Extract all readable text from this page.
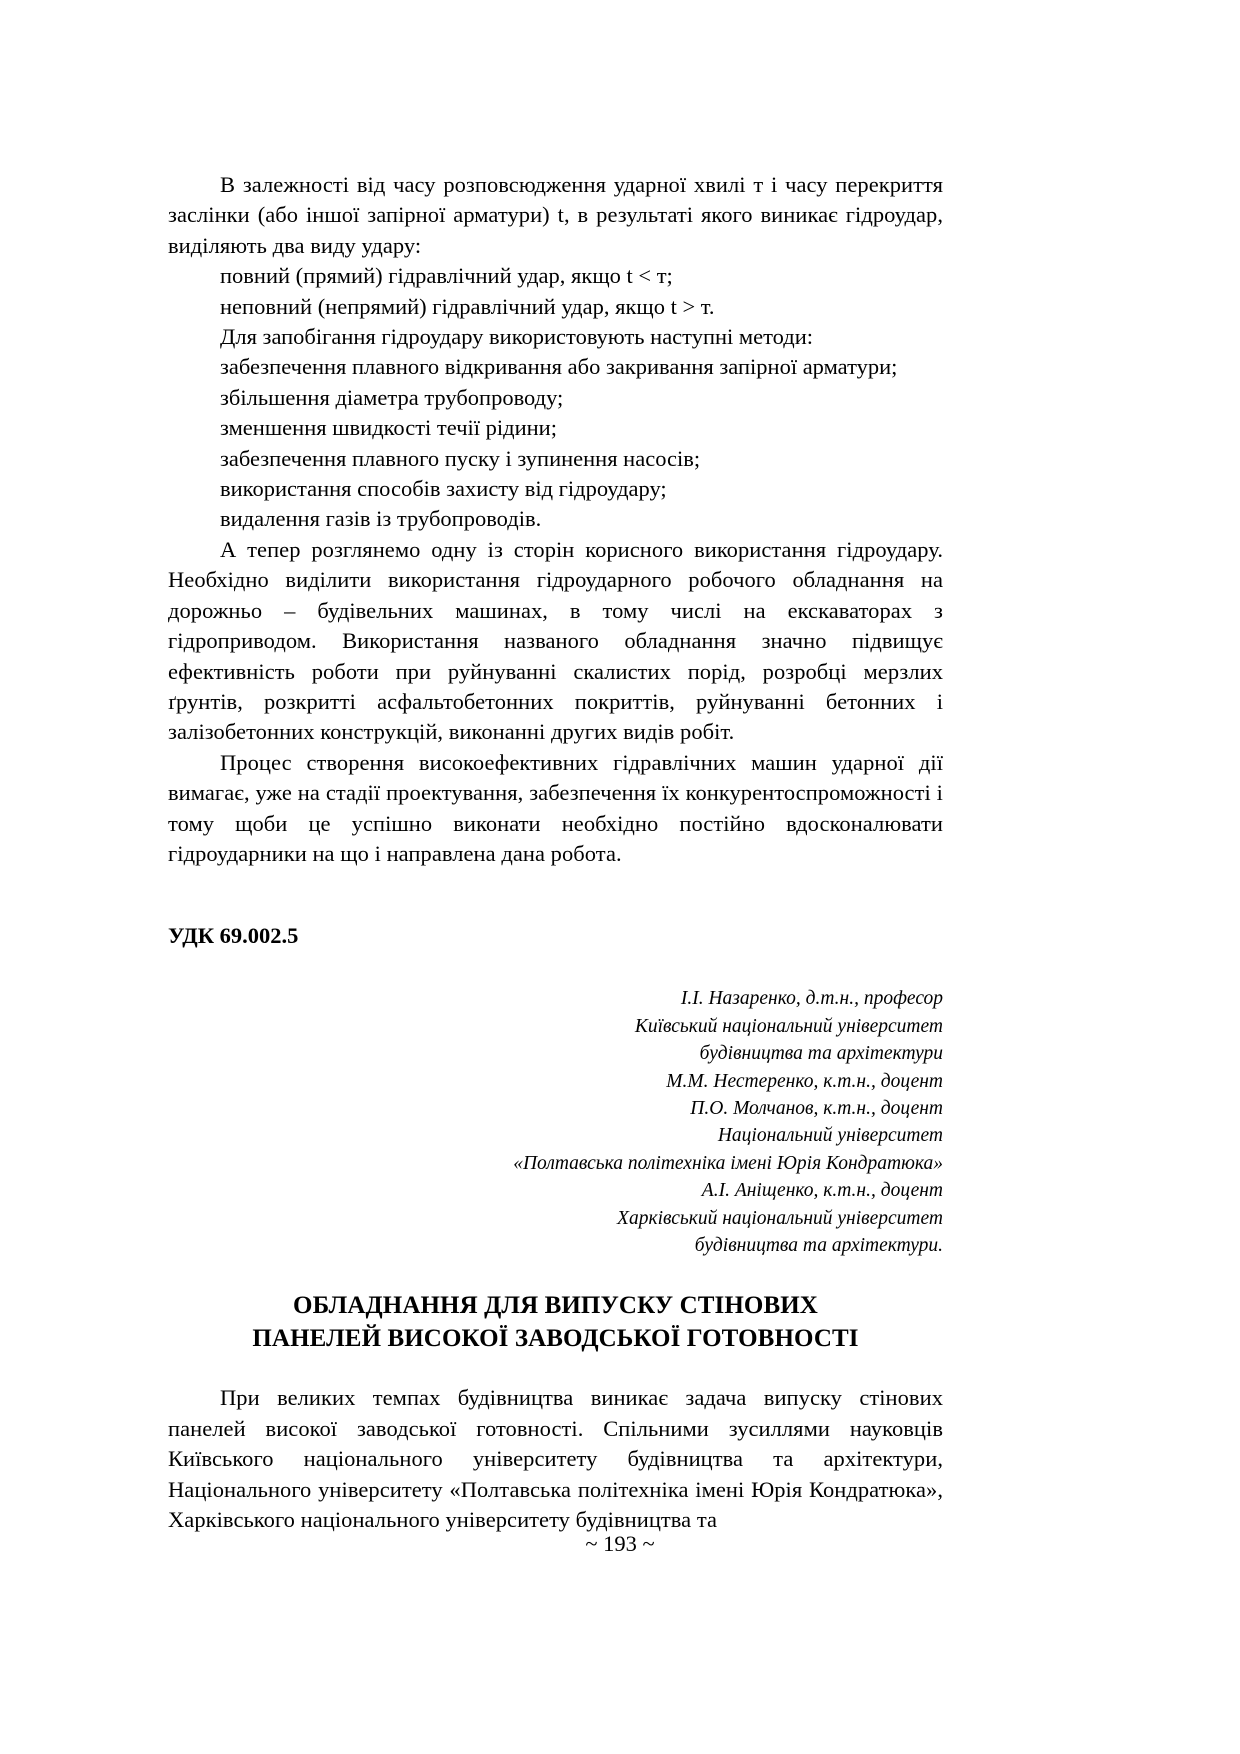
В залежності від часу розповсюдження ударної хвилі т і часу перекриття заслінки (або іншої запірної арматури) t, в результаті якого виникає гідроудар, виділяють два виду удару:

повний (прямий) гідравлічний удар, якщо t < т;
неповний (непрямий) гідравлічний удар, якщо t > т.
Для запобігання гідроудару використовують наступні методи:
забезпечення плавного відкривання або закривання запірної арматури;
збільшення діаметра трубопроводу;
зменшення швидкості течії рідини;
забезпечення плавного пуску і зупинення насосів;
використання способів захисту від гідроудару;
видалення газів із трубопроводів.

А тепер розглянемо одну із сторін корисного використання гідроудару. Необхідно виділити використання гідроударного робочого обладнання на дорожньо – будівельних машинах, в тому числі на екскаваторах з гідроприводом. Використання названого обладнання значно підвищує ефективність роботи при руйнуванні скалистих порід, розробці мерзлих ґрунтів, розкритті асфальтобетонних покриттів, руйнуванні бетонних і залізобетонних конструкцій, виконанні других видів робіт.

Процес створення високоефективних гідравлічних машин ударної дії вимагає, уже на стадії проектування, забезпечення їх конкурентоспроможності і тому щоби це успішно виконати необхідно постійно вдосконалювати гідроударники на що і направлена дана робота.

УДК 69.002.5

І.І. Назаренко, д.т.н., професор
Київський національний університет
будівництва та архітектури
М.М. Нестеренко, к.т.н., доцент
П.О. Молчанов, к.т.н., доцент
Національний університет
«Полтавська політехніка імені Юрія Кондратюка»
А.І. Аніщенко, к.т.н., доцент
Харківський національний університет
будівництва та архітектури.
ОБЛАДНАННЯ ДЛЯ ВИПУСКУ СТІНОВИХ
ПАНЕЛЕЙ ВИСОКОЇ ЗАВОДСЬКОЇ ГОТОВНОСТІ

При великих темпах будівництва виникає задача випуску стінових панелей високої заводської готовності. Спільними зусиллями науковців Київського національного університету будівництва та архітектури, Національного університету «Полтавська політехніка імені Юрія Кондратюка», Харківського національного університету будівництва та

~ 193 ~
